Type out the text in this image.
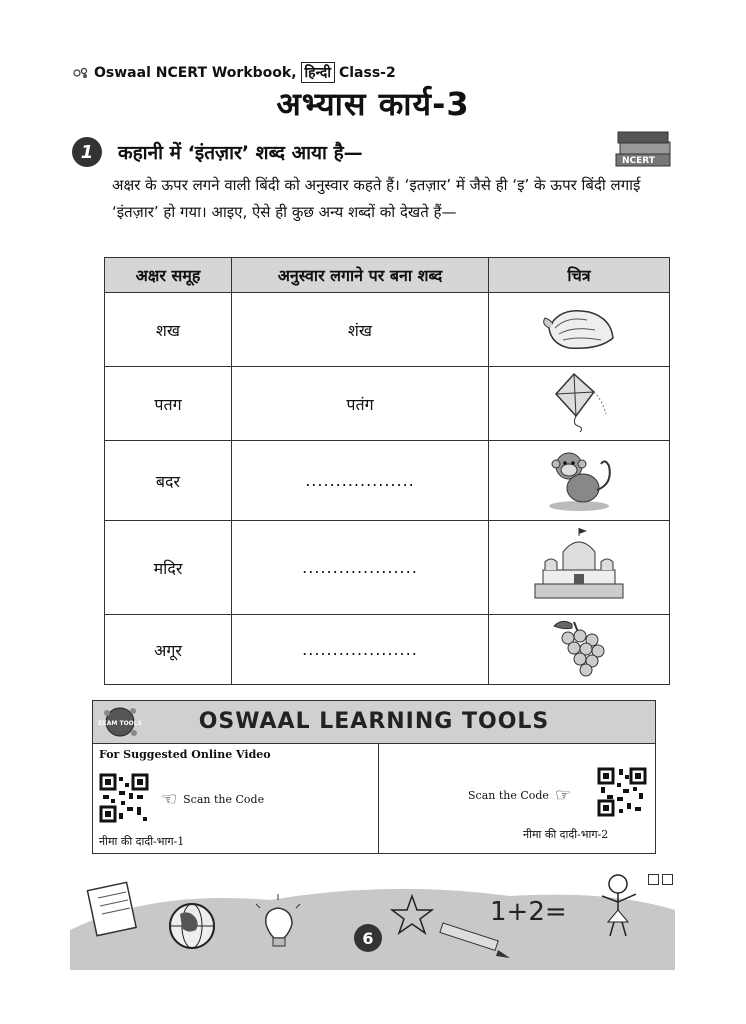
Oswaal NCERT Workbook, हिन्दी Class-2
अभ्यास कार्य-3
1	कहानी में ‘इंतज़ार’ शब्द आया है—	NCERT
अक्षर के ऊपर लगने वाली बिंदी को अनुस्वार कहते हैं। ‘इतज़ार’ में जैसे ही ‘इ’ के ऊपर बिंदी लगाई ‘इंतज़ार’ हो गया। आइए, ऐसे ही कुछ अन्य शब्दों को देखते हैं—
अक्षर समूह	अनुस्वार लगाने पर बना शब्द	चित्र
शख	शंख	
पतग	पतंग	
बदर	..................	
मदिर	...................	
अगूर	...................	
EXAM TOOLS	OSWAAL LEARNING TOOLS
For Suggested Online Video
☜ Scan the Code
नीमा की दादी-भाग-1
Scan the Code ☞
नीमा की दादी-भाग-2
6
1+2=
